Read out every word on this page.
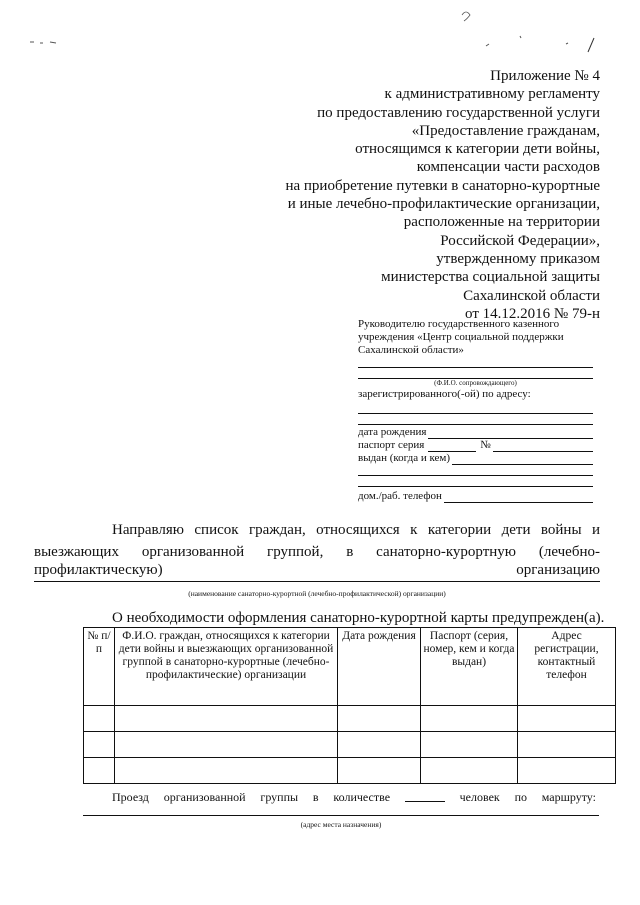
Приложение № 4
к административному регламенту
по предоставлению государственной услуги
«Предоставление гражданам,
относящимся к категории дети войны,
компенсации части расходов
на приобретение путевки в санаторно-курортные
и иные лечебно-профилактические организации,
расположенные на территории
Российской Федерации»,
утвержденному приказом
министерства социальной защиты
Сахалинской области
от 14.12.2016 № 79-н
Руководителю государственного казенного
учреждения «Центр социальной поддержки
Сахалинской области»
(Ф.И.О. сопровождающего)
зарегистрированного(-ой) по адресу:
дата рождения
паспорт серия	№
выдан (когда и кем)
дом./раб. телефон
Направляю список граждан, относящихся к категории дети войны и
выезжающих организованной группой, в санаторно-курортную (лечебно-
профилактическую)	организацию
(наименование санаторно-курортной (лечебно-профилактической) организации)
О необходимости оформления санаторно-курортной карты предупрежден(а).
№ п/п	Ф.И.О. граждан, относящихся к категории дети войны и выезжающих организованной группой в санаторно-курортные (лечебно-профилактические) организации	Дата рождения	Паспорт (серия, номер, кем и когда выдан)	Адрес регистрации, контактный телефон

Проезд организованной группы в количестве	человек по маршруту:
(адрес места назначения)
